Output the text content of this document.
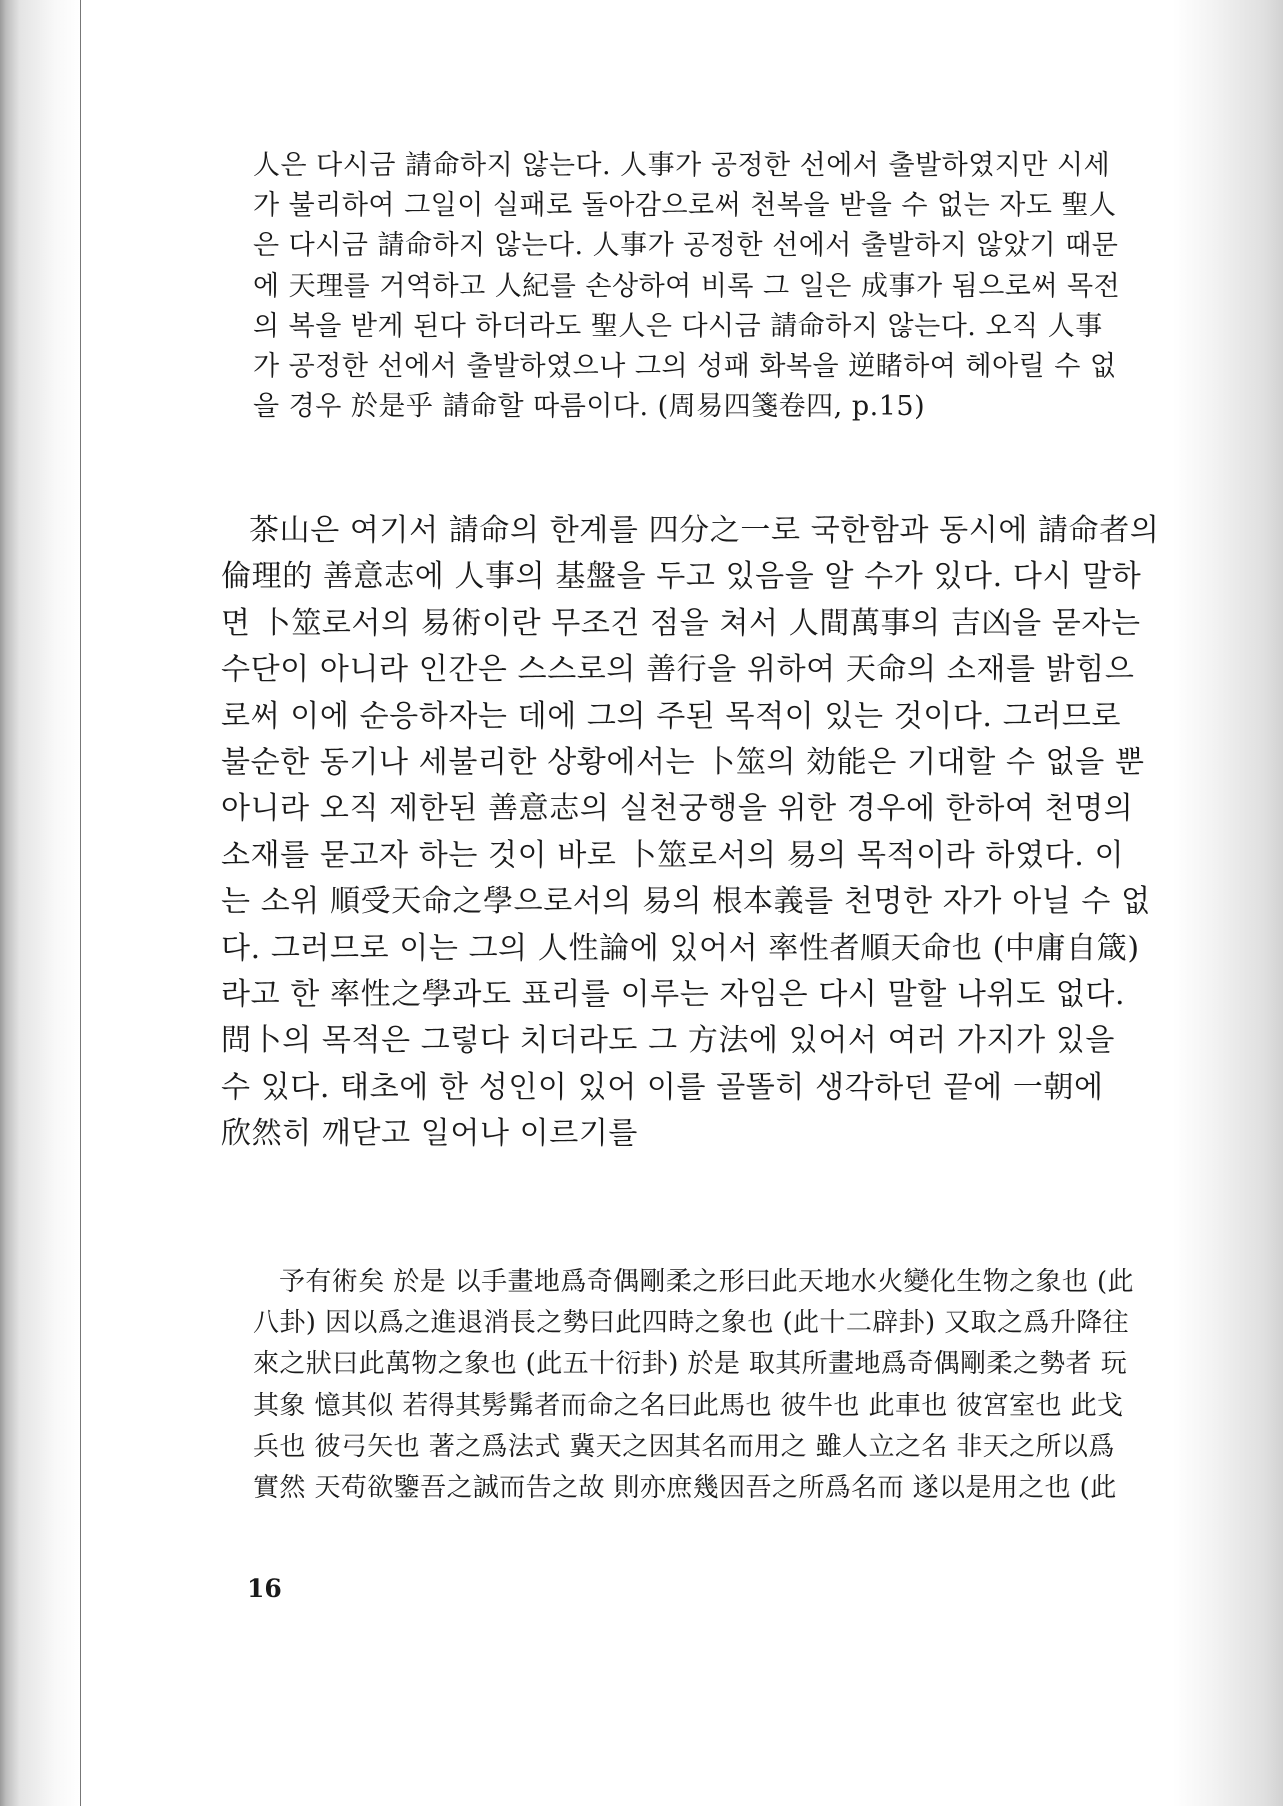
人은 다시금 請命하지 않는다. 人事가 공정한 선에서 출발하였지만 시세
가 불리하여 그일이 실패로 돌아감으로써 천복을 받을 수 없는 자도 聖人
은 다시금 請命하지 않는다. 人事가 공정한 선에서 출발하지 않았기 때문
에 天理를 거역하고 人紀를 손상하여 비록 그 일은 成事가 됨으로써 목전
의 복을 받게 된다 하더라도 聖人은 다시금 請命하지 않는다. 오직 人事
가 공정한 선에서 출발하였으나 그의 성패 화복을 逆睹하여 헤아릴 수 없
을 경우 於是乎 請命할 따름이다. (周易四箋卷四, p.15)
茶山은 여기서 請命의 한계를 四分之一로 국한함과 동시에 請命者의
倫理的 善意志에 人事의 基盤을 두고 있음을 알 수가 있다. 다시 말하
면 卜筮로서의 易術이란 무조건 점을 쳐서 人間萬事의 吉凶을 묻자는
수단이 아니라 인간은 스스로의 善行을 위하여 天命의 소재를 밝힘으
로써 이에 순응하자는 데에 그의 주된 목적이 있는 것이다. 그러므로
불순한 동기나 세불리한 상황에서는 卜筮의 効能은 기대할 수 없을 뿐
아니라 오직 제한된 善意志의 실천궁행을 위한 경우에 한하여 천명의
소재를 묻고자 하는 것이 바로 卜筮로서의 易의 목적이라 하였다. 이
는 소위 順受天命之學으로서의 易의 根本義를 천명한 자가 아닐 수 없
다. 그러므로 이는 그의 人性論에 있어서 率性者順天命也 (中庸自箴)
라고 한 率性之學과도 표리를 이루는 자임은 다시 말할 나위도 없다.
問卜의 목적은 그렇다 치더라도 그 方法에 있어서 여러 가지가 있을
수 있다. 태초에 한 성인이 있어 이를 골똘히 생각하던 끝에 一朝에
欣然히 깨닫고 일어나 이르기를
予有術矣 於是 以手畫地爲奇偶剛柔之形曰此天地水火變化生物之象也 (此
八卦) 因以爲之進退消長之勢曰此四時之象也 (此十二辟卦) 又取之爲升降往
來之狀曰此萬物之象也 (此五十衍卦) 於是 取其所畫地爲奇偶剛柔之勢者 玩
其象 憶其似 若得其髣髴者而命之名曰此馬也 彼牛也 此車也 彼宮室也 此戈
兵也 彼弓矢也 著之爲法式 冀天之因其名而用之 雖人立之名 非天之所以爲
實然 天苟欲鑒吾之誠而告之故 則亦庶幾因吾之所爲名而 遂以是用之也 (此
16
